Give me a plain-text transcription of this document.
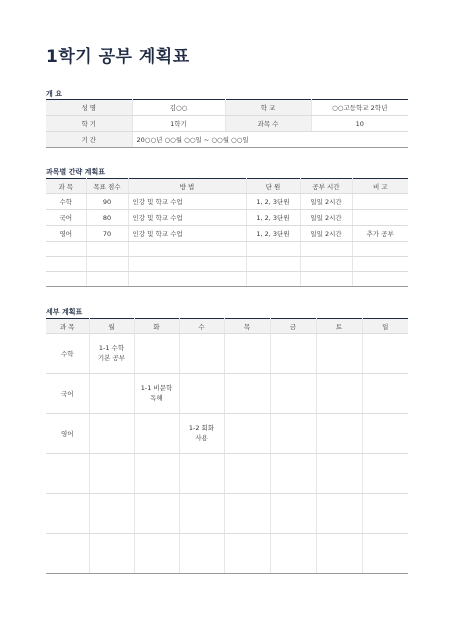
1학기 공부 계획표
개 요
성 명	김○○	학 교	○○고등학교 2학년
학 기	1학기	과목 수	10
기 간	20○○년 ○○월 ○○일 ~ ○○월 ○○일		
과목별 간략 계획표
과 목	목표 점수	방 법	단 원	공부 시간	비 고
수학	90	인강 및 학교 수업	1, 2, 3단원	일일 2시간	
국어	80	인강 및 학교 수업	1, 2, 3단원	일일 2시간	
영어	70	인강 및 학교 수업	1, 2, 3단원	일일 2시간	추가 공부

세부 계획표
과 목	월	화	수	목	금	토	일
수학	1-1 수학
기본 공부						
국어		1-1 비문학
독해					
영어			1-2 회화
사용				
